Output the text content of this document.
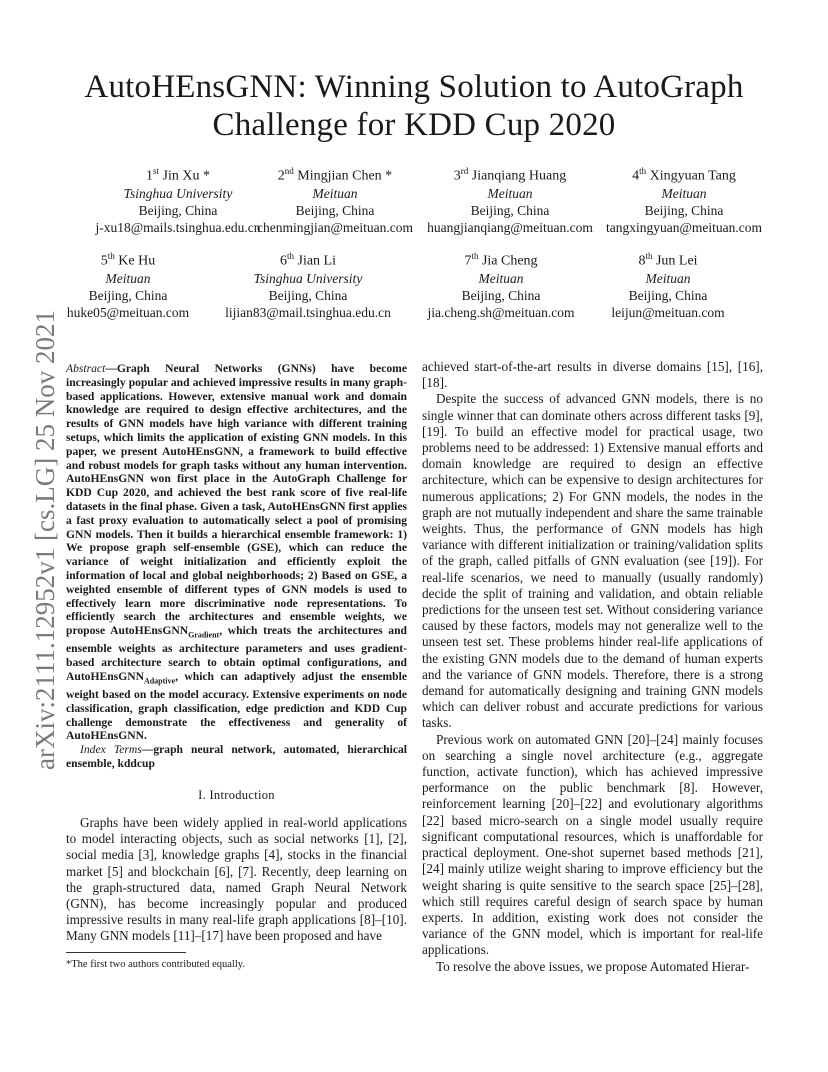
arXiv:2111.12952v1 [cs.LG] 25 Nov 2021
AutoHEnsGNN: Winning Solution to AutoGraph
Challenge for KDD Cup 2020
1st Jin Xu *
Tsinghua University
Beijing, China
j-xu18@mails.tsinghua.edu.cn
2nd Mingjian Chen *
Meituan
Beijing, China
chenmingjian@meituan.com
3rd Jianqiang Huang
Meituan
Beijing, China
huangjianqiang@meituan.com
4th Xingyuan Tang
Meituan
Beijing, China
tangxingyuan@meituan.com
5th Ke Hu
Meituan
Beijing, China
huke05@meituan.com
6th Jian Li
Tsinghua University
Beijing, China
lijian83@mail.tsinghua.edu.cn
7th Jia Cheng
Meituan
Beijing, China
jia.cheng.sh@meituan.com
8th Jun Lei
Meituan
Beijing, China
leijun@meituan.com

Abstract—Graph Neural Networks (GNNs) have become increasingly popular and achieved impressive results in many graph-based applications. However, extensive manual work and domain knowledge are required to design effective architectures, and the results of GNN models have high variance with different training setups, which limits the application of existing GNN models. In this paper, we present AutoHEnsGNN, a framework to build effective and robust models for graph tasks without any human intervention. AutoHEnsGNN won first place in the AutoGraph Challenge for KDD Cup 2020, and achieved the best rank score of five real-life datasets in the final phase. Given a task, AutoHEnsGNN first applies a fast proxy evaluation to automatically select a pool of promising GNN models. Then it builds a hierarchical ensemble framework: 1) We propose graph self-ensemble (GSE), which can reduce the variance of weight initialization and efficiently exploit the information of local and global neighborhoods; 2) Based on GSE, a weighted ensemble of different types of GNN models is used to effectively learn more discriminative node representations. To efficiently search the architectures and ensemble weights, we propose AutoHEnsGNN$_{Gradient}$, which treats the architectures and ensemble weights as architecture parameters and uses gradient-based architecture search to obtain optimal configurations, and AutoHEnsGNN$_{Adaptive}$, which can adaptively adjust the ensemble weight based on the model accuracy. Extensive experiments on node classification, graph classification, edge prediction and KDD Cup challenge demonstrate the effectiveness and generality of AutoHEnsGNN.

Index Terms—graph neural network, automated, hierarchical ensemble, kddcup

I. Introduction

Graphs have been widely applied in real-world applications to model interacting objects, such as social networks [1], [2], social media [3], knowledge graphs [4], stocks in the financial market [5] and blockchain [6], [7]. Recently, deep learning on the graph-structured data, named Graph Neural Network (GNN), has become increasingly popular and produced impressive results in many real-life graph applications [8]–[10]. Many GNN models [11]–[17] have been proposed and have

*The first two authors contributed equally.

achieved start-of-the-art results in diverse domains [15], [16], [18].

Despite the success of advanced GNN models, there is no single winner that can dominate others across different tasks [9], [19]. To build an effective model for practical usage, two problems need to be addressed: 1) Extensive manual efforts and domain knowledge are required to design an effective architecture, which can be expensive to design architectures for numerous applications; 2) For GNN models, the nodes in the graph are not mutually independent and share the same trainable weights. Thus, the performance of GNN models has high variance with different initialization or training/validation splits of the graph, called pitfalls of GNN evaluation (see [19]). For real-life scenarios, we need to manually (usually randomly) decide the split of training and validation, and obtain reliable predictions for the unseen test set. Without considering variance caused by these factors, models may not generalize well to the unseen test set. These problems hinder real-life applications of the existing GNN models due to the demand of human experts and the variance of GNN models. Therefore, there is a strong demand for automatically designing and training GNN models which can deliver robust and accurate predictions for various tasks.

Previous work on automated GNN [20]–[24] mainly focuses on searching a single novel architecture (e.g., aggregate function, activate function), which has achieved impressive performance on the public benchmark [8]. However, reinforcement learning [20]–[22] and evolutionary algorithms [22] based micro-search on a single model usually require significant computational resources, which is unaffordable for practical deployment. One-shot supernet based methods [21], [24] mainly utilize weight sharing to improve efficiency but the weight sharing is quite sensitive to the search space [25]–[28], which still requires careful design of search space by human experts. In addition, existing work does not consider the variance of the GNN model, which is important for real-life applications.

To resolve the above issues, we propose Automated Hierar-
